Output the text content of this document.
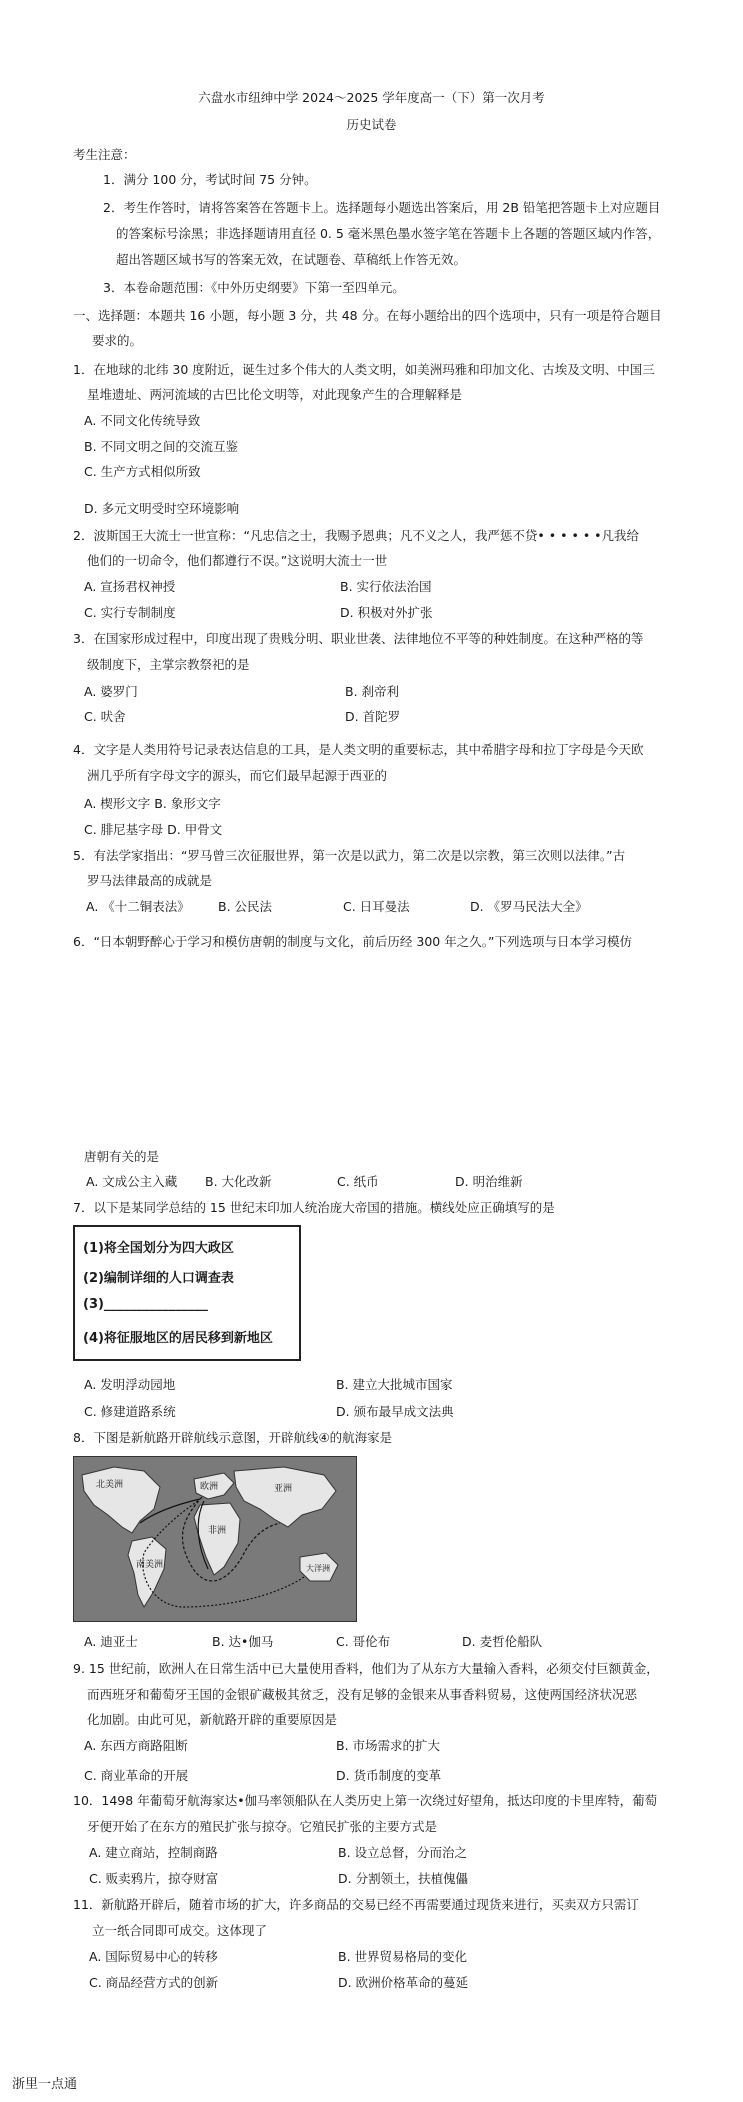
六盘水市纽绅中学 2024～2025 学年度高一（下）第一次月考
历史试卷
考生注意：
1．满分 100 分，考试时间 75 分钟。
2．考生作答时，请将答案答在答题卡上。选择题每小题选出答案后，用 2B 铅笔把答题卡上对应题目
的答案标号涂黑；非选择题请用直径 0. 5 毫米黑色墨水签字笔在答题卡上各题的答题区域内作答，
超出答题区域书写的答案无效，在试题卷、草稿纸上作答无效。
3．本卷命题范围：《中外历史纲要》下第一至四单元。
一、选择题：本题共 16 小题，每小题 3 分，共 48 分。在每小题给出的四个选项中，只有一项是符合题目
要求的。
1．在地球的北纬 30 度附近，诞生过多个伟大的人类文明，如美洲玛雅和印加文化、古埃及文明、中国三
星堆遗址、两河流域的古巴比伦文明等，对此现象产生的合理解释是
A. 不同文化传统导致
B. 不同文明之间的交流互鉴
C. 生产方式相似所致
D. 多元文明受时空环境影响
2．波斯国王大流士一世宣称：“凡忠信之士，我赐予恩典；凡不义之人，我严惩不贷• • • • • •凡我给
他们的一切命令，他们都遵行不误。”这说明大流士一世
A. 宣扬君权神授	B. 实行依法治国
C. 实行专制制度	D. 积极对外扩张
3．在国家形成过程中，印度出现了贵贱分明、职业世袭、法律地位不平等的种姓制度。在这种严格的等
级制度下，主掌宗教祭祀的是
A. 婆罗门	B. 刹帝利
C. 吠舍	D. 首陀罗
4．文字是人类用符号记录表达信息的工具，是人类文明的重要标志，其中希腊字母和拉丁字母是今天欧
洲几乎所有字母文字的源头，而它们最早起源于西亚的
A. 楔形文字 B. 象形文字
C. 腓尼基字母 D. 甲骨文
5．有法学家指出：“罗马曾三次征服世界，第一次是以武力，第二次是以宗教，第三次则以法律。”古
罗马法律最高的成就是
A. 《十二铜表法》 B. 公民法	C. 日耳曼法	D. 《罗马民法大全》
6．“日本朝野醉心于学习和模仿唐朝的制度与文化，前后历经 300 年之久。”下列选项与日本学习模仿
唐朝有关的是
A. 文成公主入藏 B. 大化改新	C. 纸币	D. 明治维新
7．以下是某同学总结的 15 世纪末印加人统治庞大帝国的措施。横线处应正确填写的是
(1)将全国划分为四大政区
(2)编制详细的人口调查表
(3)________________
(4)将征服地区的居民移到新地区
A. 发明浮动园地	B. 建立大批城市国家
C. 修建道路系统	D. 颁布最早成文法典
8．下图是新航路开辟航线示意图，开辟航线④的航海家是
北美洲	欧洲	亚洲
非洲
南美洲	大洋洲
A. 迪亚士	B. 达•伽马	C. 哥伦布	D. 麦哲伦船队
9. 15 世纪前，欧洲人在日常生活中已大量使用香料，他们为了从东方大量输入香料，必须交付巨额黄金，
而西班牙和葡萄牙王国的金银矿藏极其贫乏，没有足够的金银来从事香料贸易，这使两国经济状况恶
化加剧。由此可见，新航路开辟的重要原因是
A. 东西方商路阻断	B. 市场需求的扩大
C. 商业革命的开展	D. 货币制度的变革
10．1498 年葡萄牙航海家达•伽马率领船队在人类历史上第一次绕过好望角，抵达印度的卡里库特，葡萄
牙便开始了在东方的殖民扩张与掠夺。它殖民扩张的主要方式是
A. 建立商站，控制商路	B. 设立总督，分而治之
C. 贩卖鸦片，掠夺财富	D. 分割领土，扶植傀儡
11．新航路开辟后，随着市场的扩大，许多商品的交易已经不再需要通过现货来进行，买卖双方只需订
立一纸合同即可成交。这体现了
A. 国际贸易中心的转移	B. 世界贸易格局的变化
C. 商品经营方式的创新	D. 欧洲价格革命的蔓延
浙里一点通
